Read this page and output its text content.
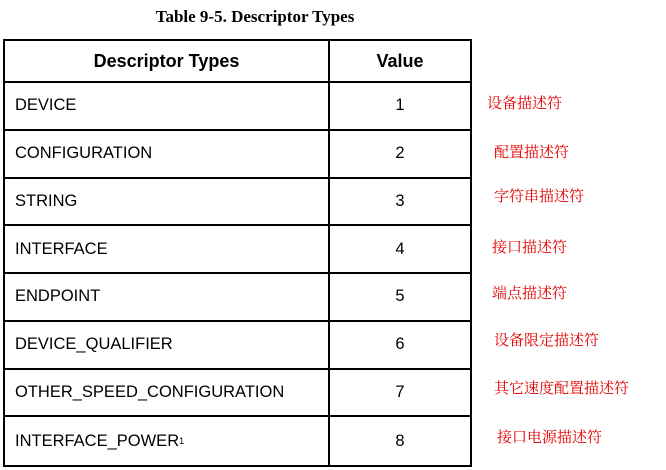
Table 9-5. Descriptor Types

Descriptor Types	Value
DEVICE	1
CONFIGURATION	2
STRING	3
INTERFACE	4
ENDPOINT	5
DEVICE_QUALIFIER	6
OTHER_SPEED_CONFIGURATION	7
INTERFACE_POWER 1	8

设备描述符

配置描述符

字符串描述符

接口描述符

端点描述符

设备限定描述符

其它速度配置描述符

接口电源描述符
